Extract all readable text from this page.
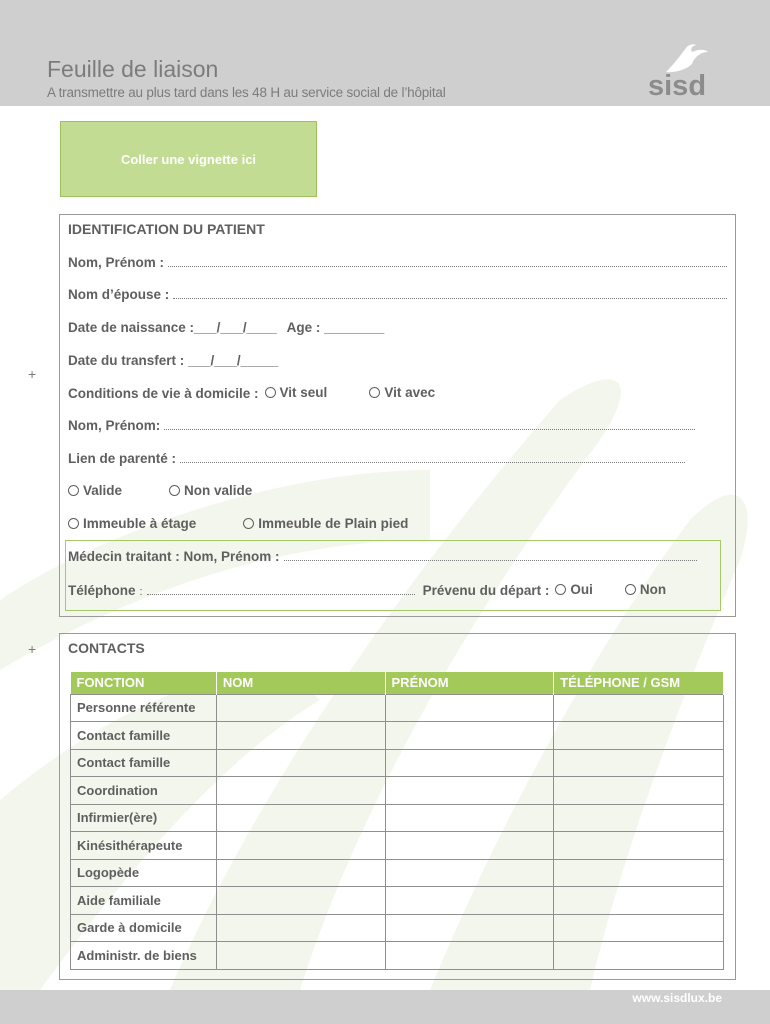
Feuille de liaison
A transmettre au plus tard dans les 48 H au service social de l’hôpital	sisd
Coller une vignette ici
+
+
IDENTIFICATION DU PATIENT
Nom, Prénom :
Nom d’épouse :
Date de naissance :___/___/____ Age : ________
Date du transfert : ___/___/_____
Conditions de vie à domicile : Vit seul	Vit avec
Nom, Prénom:
Lien de parenté :
Valide	Non valide
Immeuble à étage	Immeuble de Plain pied
Médecin traitant : Nom, Prénom :
Téléphone :	Prévenu du départ : Oui	Non
CONTACTS
FONCTION	NOM	PRÉNOM	TÉLÉPHONE / GSM
Personne référente			
Contact famille			
Contact famille			
Coordination			
Infirmier(ère)			
Kinésithérapeute			
Logopède			
Aide familiale			
Garde à domicile			
Administr. de biens			
www.sisdlux.be
